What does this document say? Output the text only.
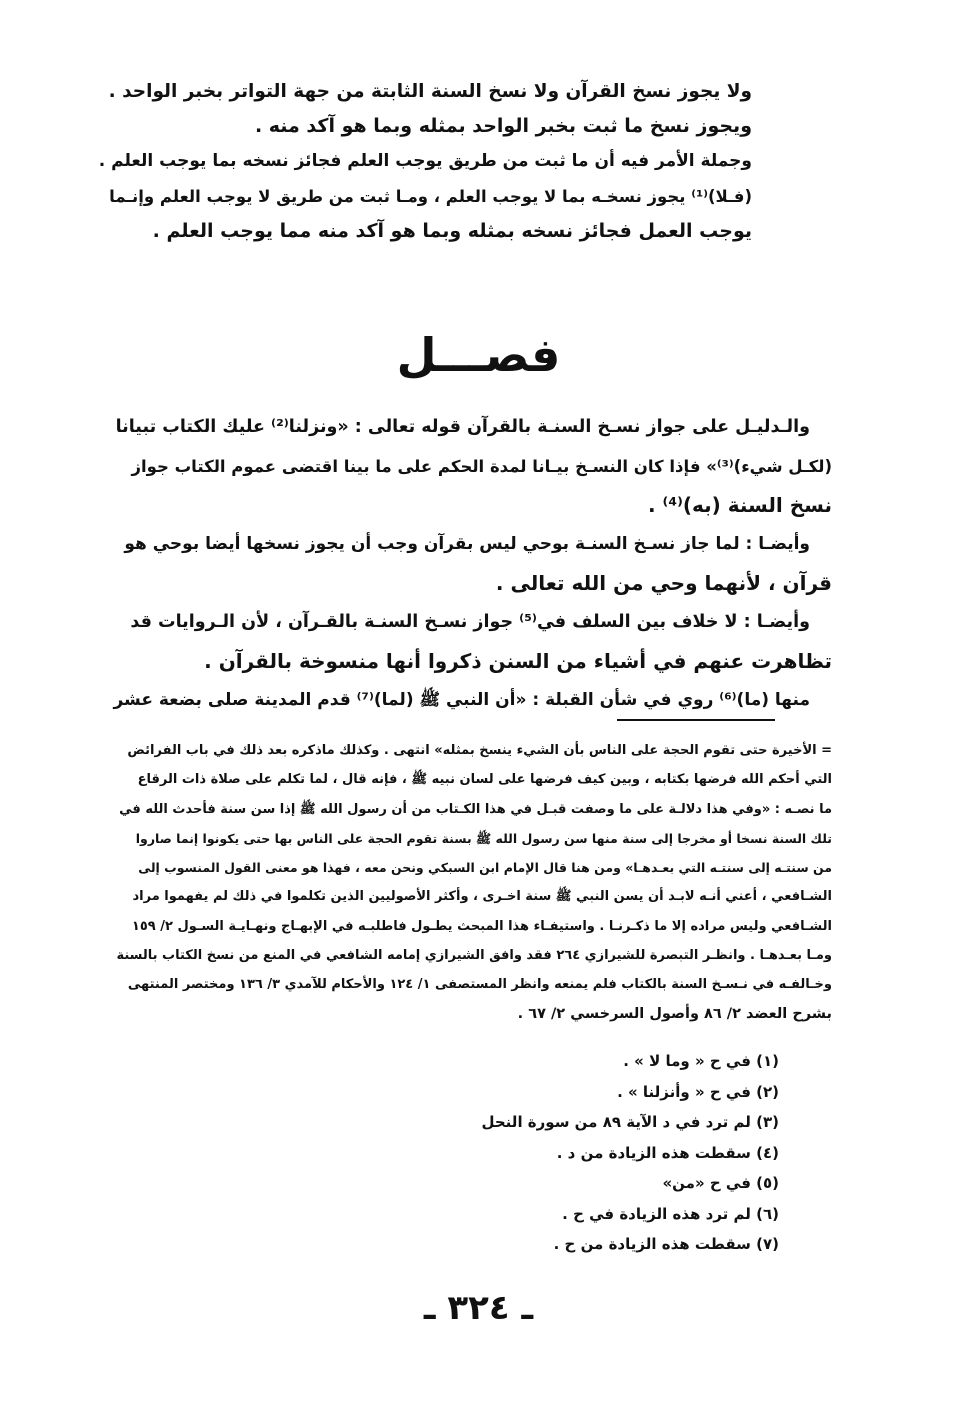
ولا يجوز نسخ القرآن ولا نسخ السنة الثابتة من جهة التواتر بخبر الواحد .
ويجوز نسخ ما ثبت بخبر الواحد بمثله وبما هو آكد منه .
وجملة الأمر فيه أن ما ثبت من طريق يوجب العلم فجائز نسخه بما يوجب العلم .
(فـلا)⁽¹⁾ يجوز نسخـه بما لا يوجب العلم ، ومـا ثبت من طريق لا يوجب العلم وإنـما
يوجب العمل فجائز نسخه بمثله وبما هو آكد منه مما يوجب العلم .
فصـــل
والـدليـل على جواز نسـخ السنـة بالقرآن قوله تعالى : «ونزلنا⁽²⁾ عليك الكتاب تبيانا
(لكـل شيء)⁽³⁾» فإذا كان النسـخ بيـانا لمدة الحكم على ما بينا اقتضى عموم الكتاب جواز
نسخ السنة (به)⁽⁴⁾ .
وأيضـا : لما جاز نسـخ السنـة بوحي ليس بقرآن وجب أن يجوز نسخها أيضا بوحي هو
قرآن ، لأنهما وحي من الله تعالى .
وأيضـا : لا خلاف بين السلف في⁽⁵⁾ جواز نسـخ السنـة بالقـرآن ، لأن الـروايات قد
تظاهرت عنهم في أشياء من السنن ذكروا أنها منسوخة بالقرآن .
منها (ما)⁽⁶⁾ روي في شأن القبلة : «أن النبي ﷺ (لما)⁽⁷⁾ قدم المدينة صلى بضعة عشر
= الأخيرة حتى تقوم الحجة على الناس بأن الشيء ينسخ بمثله» انتهى . وكذلك ماذكره بعد ذلك في باب الفرائض
التي أحكم الله فرضها بكتابه ، وبين كيف فرضها على لسان نبيه ﷺ ، فإنه قال ، لما تكلم على صلاة ذات الرقاع
ما نصـه : «وفي هذا دلالـة على ما وصفت قبـل في هذا الكـتاب من أن رسول الله ﷺ إذا سن سنة فأحدث الله في
تلك السنة نسخا أو مخرجا إلى سنة منها سن رسول الله ﷺ بسنة تقوم الحجة على الناس بها حتى يكونوا إنما صاروا
من سنتـه إلى سنتـه التي بعـدهـا» ومن هنا قال الإمام ابن السبكي ونحن معه ، فهذا هو معنى القول المنسوب إلى
الشـافعي ، أعني أنـه لابـد أن يسن النبي ﷺ سنة اخـرى ، وأكثر الأصوليين الذين تكلموا في ذلك لم يفهموا مراد
الشـافعي وليس مراده إلا ما ذكـرنـا . واستيفـاء هذا المبحث يطـول فاطلبـه في الإبهـاج ونهـايـة السـول ٢/ ١٥٩
ومـا بعـدهـا . وانظـر التبصرة للشيرازي ٢٦٤ فقد وافق الشيرازي إمامه الشافعي في المنع من نسخ الكتاب بالسنة
وخـالفـه في نـسـخ السنة بالكتاب فلم يمنعه وانظر المستصفى ١/ ١٢٤ والأحكام للآمدي ٣/ ١٣٦ ومختصر المنتهى
بشرح العضد ٢/ ٨٦ وأصول السرخسي ٢/ ٦٧ .
(١) في ح « وما لا » .
(٢) في ح « وأنزلنا » .
(٣) لم ترد في د الآية ٨٩ من سورة النحل
(٤) سقطت هذه الزيادة من د .
(٥) في ح «من»
(٦) لم ترد هذه الزيادة في ح .
(٧) سقطت هذه الزيادة من ح .
ـ ٣٢٤ ـ
